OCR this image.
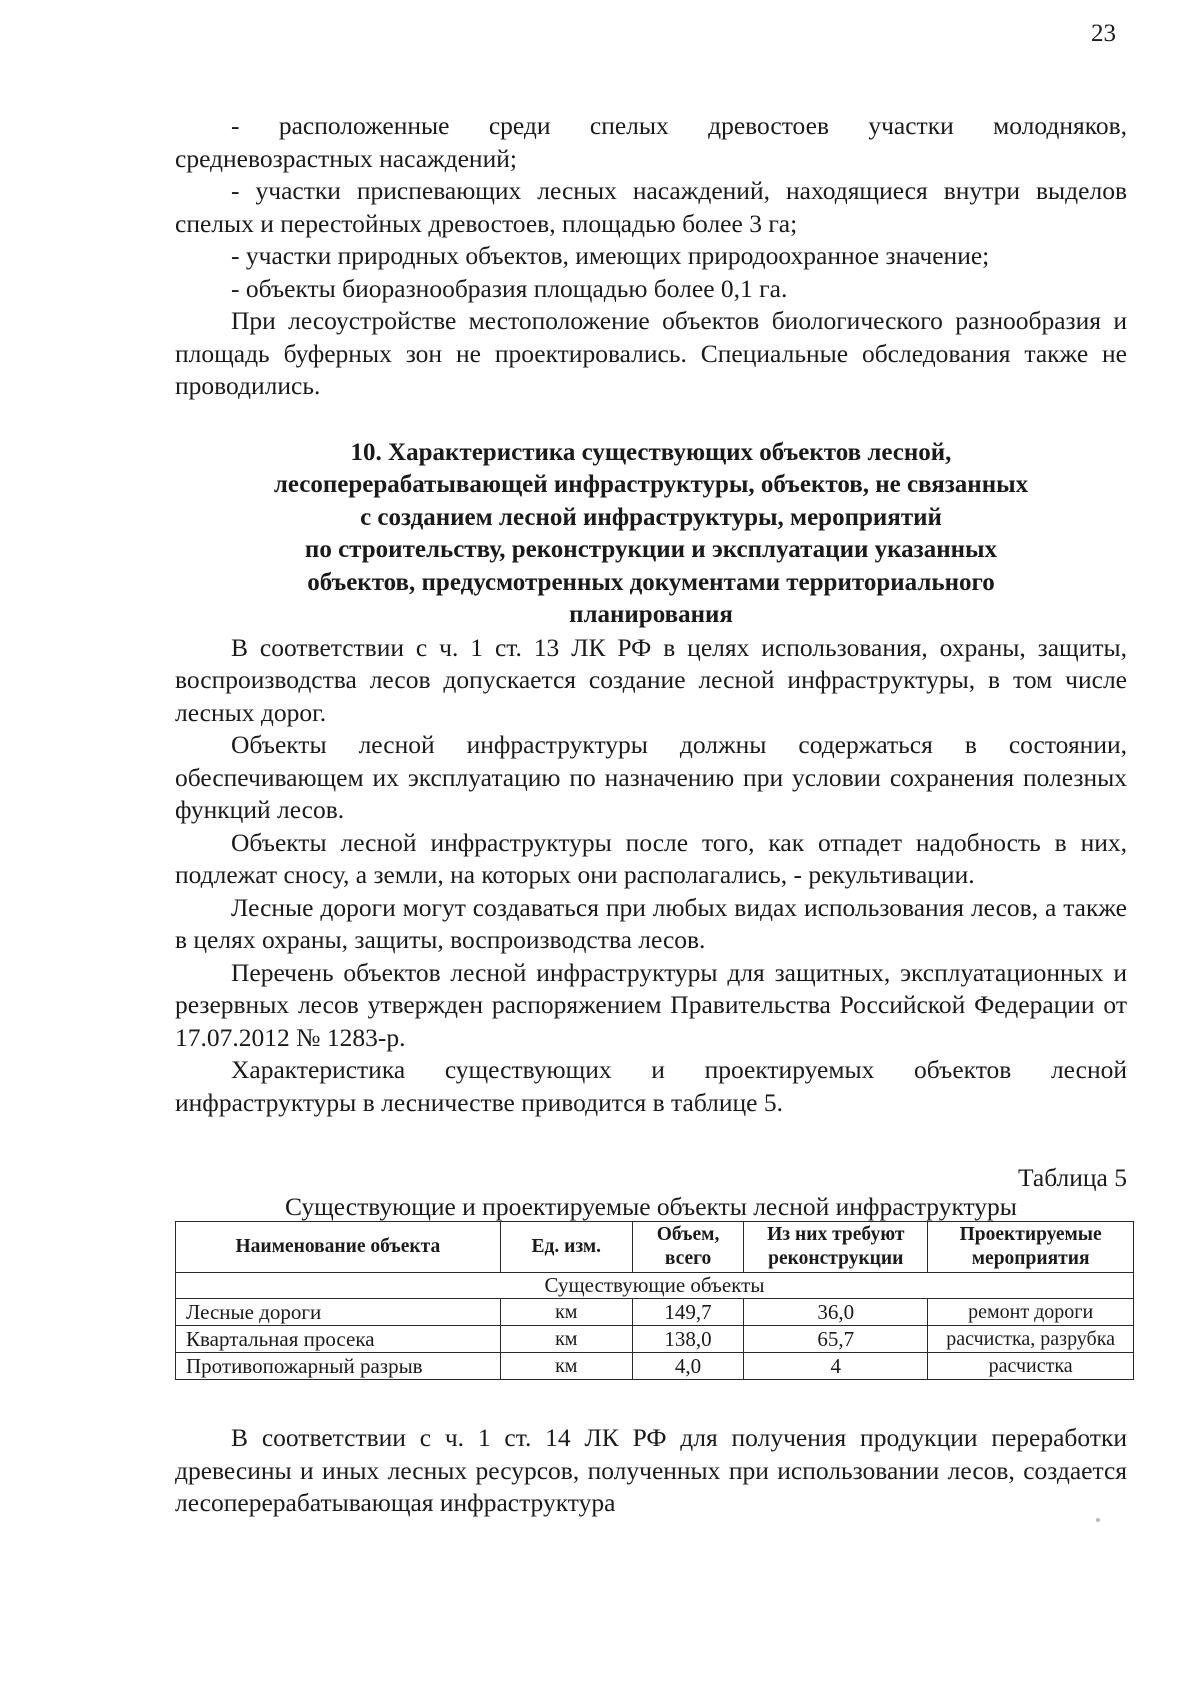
23

- расположенные среди спелых древостоев участки молодняков, средневозрастных насаждений;

- участки приспевающих лесных насаждений, находящиеся внутри выделов спелых и перестойных древостоев, площадью более 3 га;

- участки природных объектов, имеющих природоохранное значение;

- объекты биоразнообразия площадью более 0,1 га.

При лесоустройстве местоположение объектов биологического разнообразия и площадь буферных зон не проектировались. Специальные обследования также не проводились.

10. Характеристика существующих объектов лесной,
лесоперерабатывающей инфраструктуры, объектов, не связанных
с созданием лесной инфраструктуры, мероприятий
по строительству, реконструкции и эксплуатации указанных
объектов, предусмотренных документами территориального
планирования

В соответствии с ч. 1 ст. 13 ЛК РФ в целях использования, охраны, защиты, воспроизводства лесов допускается создание лесной инфраструктуры, в том числе лесных дорог.

Объекты лесной инфраструктуры должны содержаться в состоянии, обеспечивающем их эксплуатацию по назначению при условии сохранения полезных функций лесов.

Объекты лесной инфраструктуры после того, как отпадет надобность в них, подлежат сносу, а земли, на которых они располагались, - рекультивации.

Лесные дороги могут создаваться при любых видах использования лесов, а также в целях охраны, защиты, воспроизводства лесов.

Перечень объектов лесной инфраструктуры для защитных, эксплуатационных и резервных лесов утвержден распоряжением Правительства Российской Федерации от 17.07.2012 № 1283-р.

Характеристика существующих и проектируемых объектов лесной инфраструктуры в лесничестве приводится в таблице 5.

Таблица 5
Существующие и проектируемые объекты лесной инфраструктуры
Наименование объекта	Ед. изм.	Объем, всего	Из них требуют реконструкции	Проектируемые мероприятия
Существующие объекты				
Лесные дороги	км	149,7	36,0	ремонт дороги
Квартальная просека	км	138,0	65,7	расчистка, разрубка
Противопожарный разрыв	км	4,0	4	расчистка

В соответствии с ч. 1 ст. 14 ЛК РФ для получения продукции переработки древесины и иных лесных ресурсов, полученных при использовании лесов, создается лесоперерабатывающая инфраструктура
